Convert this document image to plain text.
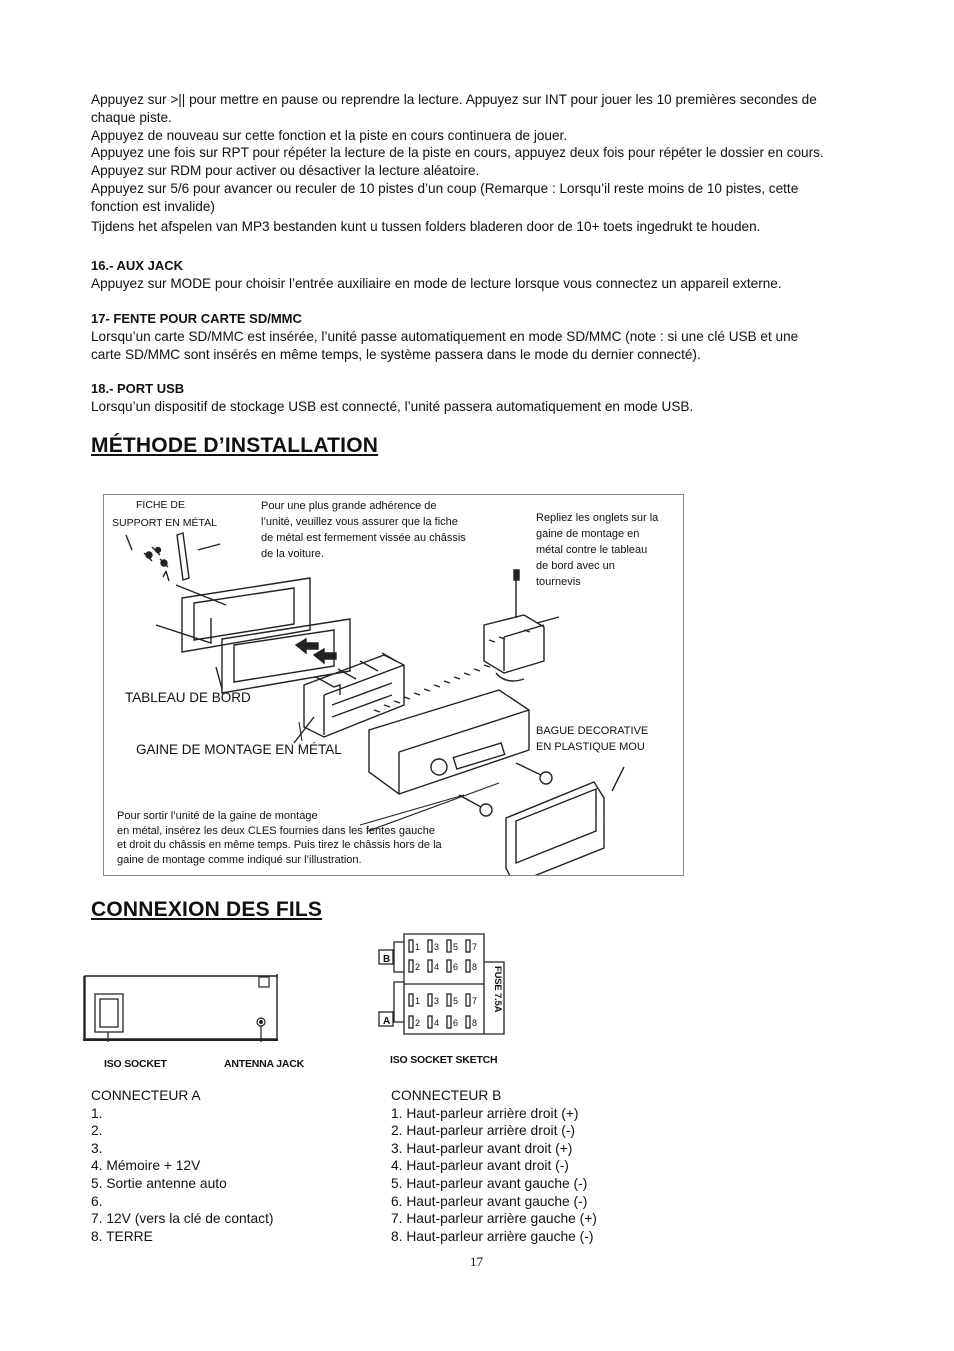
Appuyez sur >|| pour mettre en pause ou reprendre la lecture. Appuyez sur INT pour jouer les 10 premières secondes de
chaque piste.

Appuyez de nouveau sur cette fonction et la piste en cours continuera de jouer.

Appuyez une fois sur RPT pour répéter la lecture de la piste en cours, appuyez deux fois pour répéter le dossier en cours.

Appuyez sur RDM pour activer ou désactiver la lecture aléatoire.

Appuyez sur 5/6 pour avancer ou reculer de 10 pistes d’un coup (Remarque : Lorsqu’il reste moins de 10 pistes, cette
fonction est invalide)

Tijdens het afspelen van MP3 bestanden kunt u tussen folders bladeren door de 10+ toets ingedrukt te houden.

16.- AUX JACK

Appuyez sur MODE pour choisir l’entrée auxiliaire en mode de lecture lorsque vous connectez un appareil externe.

17- FENTE POUR CARTE SD/MMC

Lorsqu’un carte SD/MMC est insérée, l’unité passe automatiquement en mode SD/MMC (note : si une clé USB et une
carte SD/MMC sont insérés en même temps, le système passera dans le mode du dernier connecté).

18.- PORT USB

Lorsqu’un dispositif de stockage USB est connecté, l’unité passera automatiquement en mode USB.

MÉTHODE D’INSTALLATION

FICHE DE

SUPPORT EN MÉTAL

Pour une plus grande adhérence de
l’unité, veuillez vous assurer que la fiche
de métal est fermement vissée au châssis
de la voiture.
Repliez les onglets sur la
gaine de montage en
métal contre le tableau
de bord avec un
tournevis

TABLEAU DE BORD

GAINE DE MONTAGE EN MÉTAL

BAGUE DECORATIVE
EN PLASTIQUE MOU
Pour sortir l’unité de la gaine de montage
en métal, insérez les deux CLES fournies dans les fentes gauche
et droit du châssis en même temps. Puis tirez le châssis hors de la
gaine de montage comme indiqué sur l’illustration.
CONNEXION DES FILS
ISO SOCKET	ANTENNA JACK
B
A
1 3 5 7
2 4 6 8
1 3 5 7
2 4 6 8
FUSE 7.5A
ISO SOCKET SKETCH
CONNECTEUR A
1.
2.
3.
4. Mémoire + 12V
5. Sortie antenne auto
6.
7. 12V (vers la clé de contact)
8. TERRE
CONNECTEUR B
1. Haut-parleur arrière droit (+)
2. Haut-parleur arrière droit (-)
3. Haut-parleur avant droit (+)
4. Haut-parleur avant droit (-)
5. Haut-parleur avant gauche (-)
6. Haut-parleur avant gauche (-)
7. Haut-parleur arrière gauche (+)
8. Haut-parleur arrière gauche (-)
17
